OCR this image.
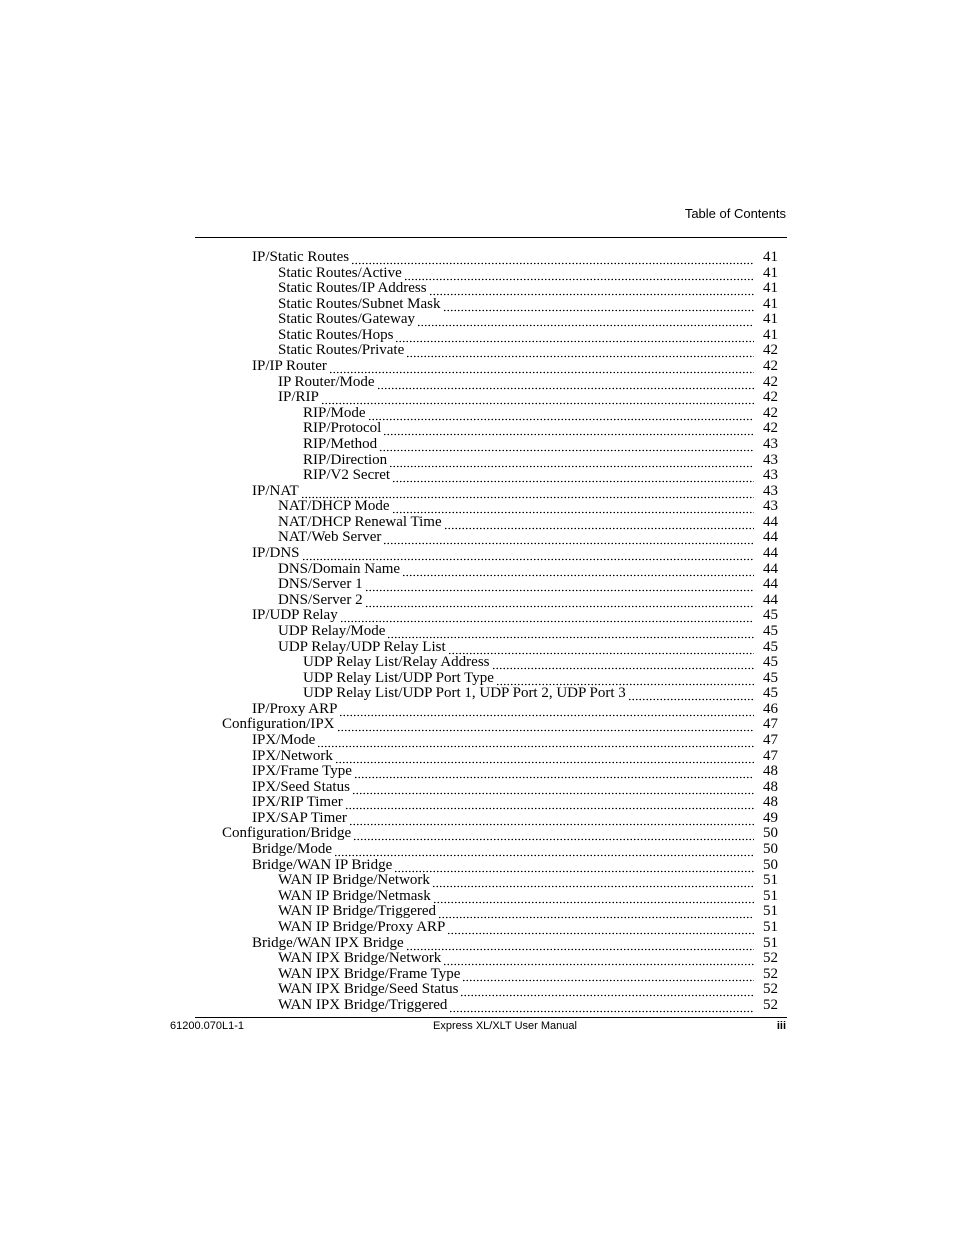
Table of Contents
IP/Static Routes	41
Static Routes/Active	41
Static Routes/IP Address	41
Static Routes/Subnet Mask	41
Static Routes/Gateway	41
Static Routes/Hops	41
Static Routes/Private	42
IP/IP Router	42
IP Router/Mode	42
IP/RIP	42
RIP/Mode	42
RIP/Protocol	42
RIP/Method	43
RIP/Direction	43
RIP/V2 Secret	43
IP/NAT	43
NAT/DHCP Mode	43
NAT/DHCP Renewal Time	44
NAT/Web Server	44
IP/DNS	44
DNS/Domain Name	44
DNS/Server 1	44
DNS/Server 2	44
IP/UDP Relay	45
UDP Relay/Mode	45
UDP Relay/UDP Relay List	45
UDP Relay List/Relay Address	45
UDP Relay List/UDP Port Type	45
UDP Relay List/UDP Port 1, UDP Port 2, UDP Port 3	45
IP/Proxy ARP	46
Configuration/IPX	47
IPX/Mode	47
IPX/Network	47
IPX/Frame Type	48
IPX/Seed Status	48
IPX/RIP Timer	48
IPX/SAP Timer	49
Configuration/Bridge	50
Bridge/Mode	50
Bridge/WAN IP Bridge	50
WAN IP Bridge/Network	51
WAN IP Bridge/Netmask	51
WAN IP Bridge/Triggered	51
WAN IP Bridge/Proxy ARP	51
Bridge/WAN IPX Bridge	51
WAN IPX Bridge/Network	52
WAN IPX Bridge/Frame Type	52
WAN IPX Bridge/Seed Status	52
WAN IPX Bridge/Triggered	52
61200.070L1-1	Express XL/XLT User Manual	iii
